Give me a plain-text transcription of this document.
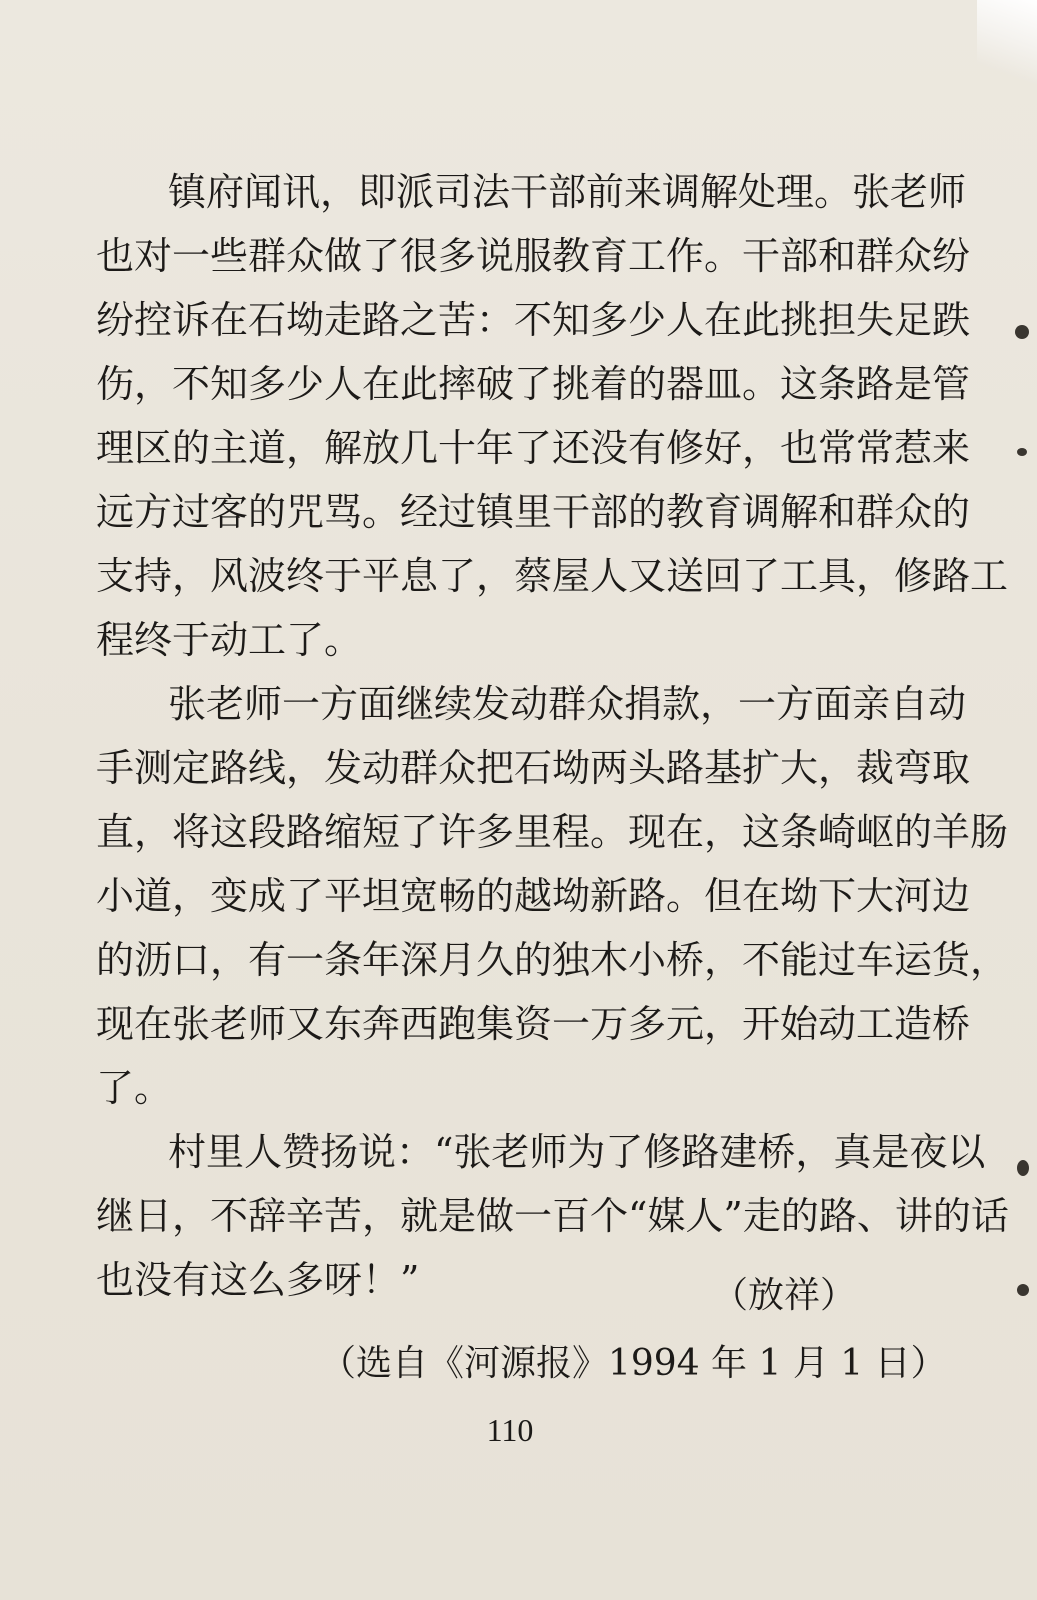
镇府闻讯，即派司法干部前来调解处理。张老师
也对一些群众做了很多说服教育工作。干部和群众纷
纷控诉在石坳走路之苦：不知多少人在此挑担失足跌
伤，不知多少人在此摔破了挑着的器皿。这条路是管
理区的主道，解放几十年了还没有修好，也常常惹来
远方过客的咒骂。经过镇里干部的教育调解和群众的
支持，风波终于平息了，蔡屋人又送回了工具，修路工
程终于动工了。
张老师一方面继续发动群众捐款，一方面亲自动
手测定路线，发动群众把石坳两头路基扩大，裁弯取
直，将这段路缩短了许多里程。现在，这条崎岖的羊肠
小道，变成了平坦宽畅的越坳新路。但在坳下大河边
的沥口，有一条年深月久的独木小桥，不能过车运货，
现在张老师又东奔西跑集资一万多元，开始动工造桥
了。
村里人赞扬说：“张老师为了修路建桥，真是夜以
继日，不辞辛苦，就是做一百个“媒人”走的路、讲的话
也没有这么多呀！”	（放祥）
（选自《河源报》1994 年 1 月 1 日）
110
